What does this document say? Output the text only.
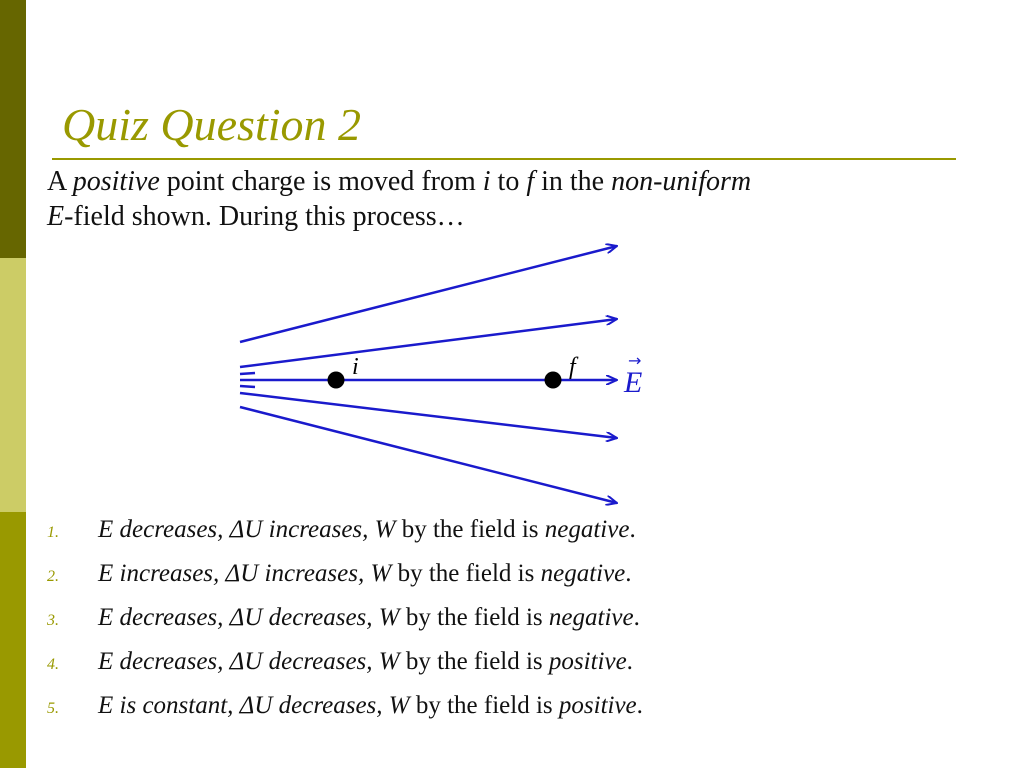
Quiz Question 2
A positive point charge is moved from i to f in the non-uniform
E-field shown. During this process…
i	f	→
E
1. E decreases, ΔU increases, W by the field is negative.
2. E increases, ΔU increases, W by the field is negative.
3. E decreases, ΔU decreases, W by the field is negative.
4. E decreases, ΔU decreases, W by the field is positive.
5. E is constant, ΔU decreases, W by the field is positive.
